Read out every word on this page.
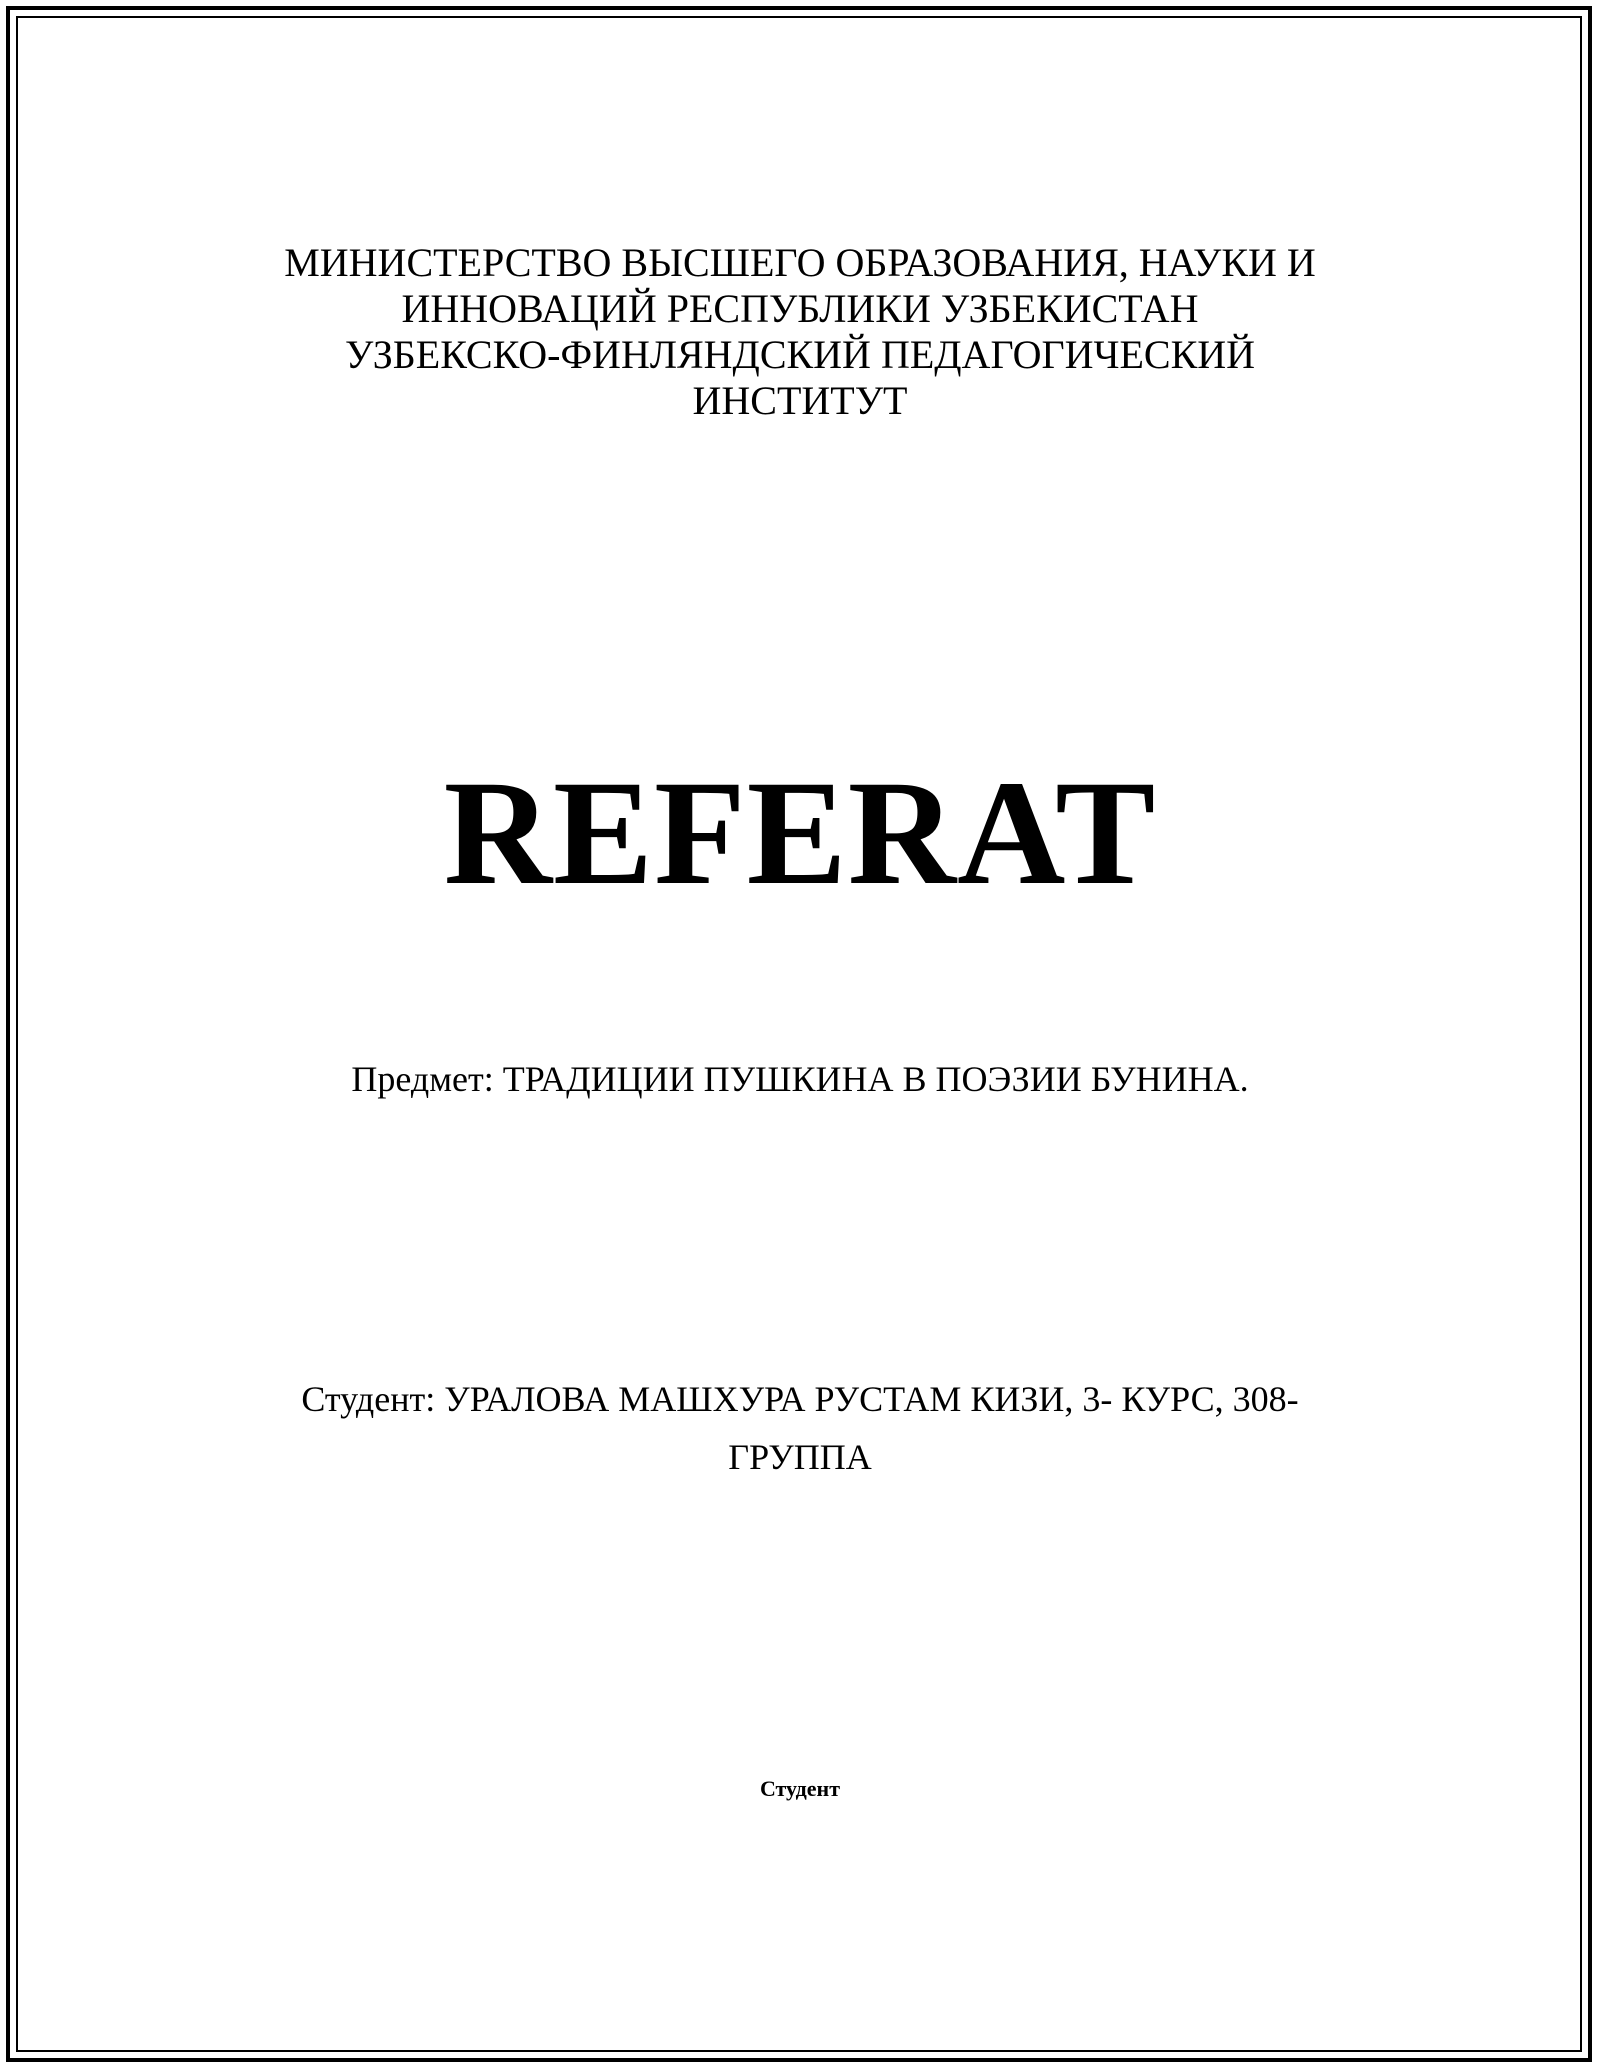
МИНИСТЕРСТВО ВЫСШЕГО ОБРАЗОВАНИЯ, НАУКИ И
ИННОВАЦИЙ РЕСПУБЛИКИ УЗБЕКИСТАН
УЗБЕКСКО-ФИНЛЯНДСКИЙ ПЕДАГОГИЧЕСКИЙ
ИНСТИТУТ
REFERAT
Предмет: ТРАДИЦИИ ПУШКИНА В ПОЭЗИИ БУНИНА.
Студент: УРАЛОВА МАШХУРА РУСТАМ КИЗИ, 3- КУРС, 308-
ГРУППА
Студент
